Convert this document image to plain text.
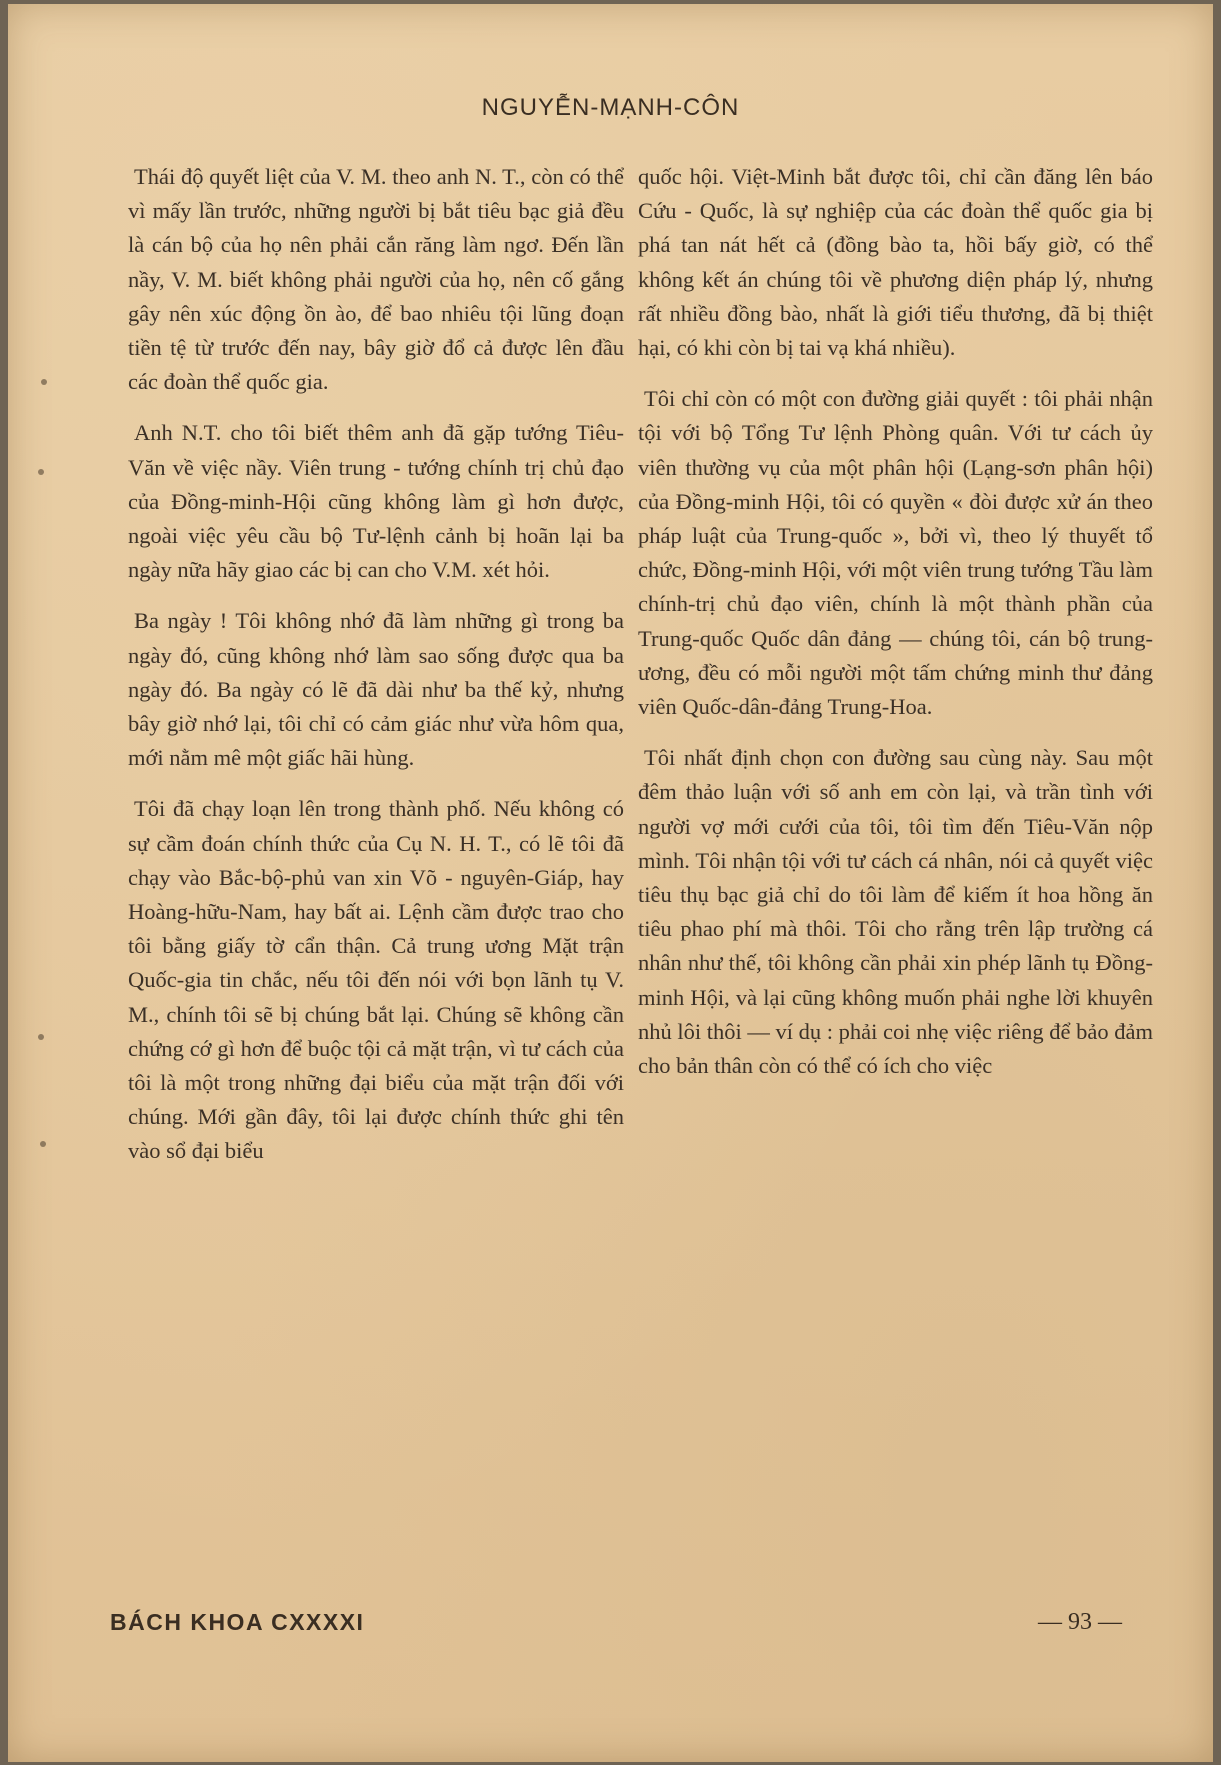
NGUYỄN-MẠNH-CÔN

Thái độ quyết liệt của V. M. theo anh N. T., còn có thể vì mấy lần trước, những người bị bắt tiêu bạc giả đều là cán bộ của họ nên phải cắn răng làm ngơ. Đến lần nầy, V. M. biết không phải người của họ, nên cố gắng gây nên xúc động ồn ào, để bao nhiêu tội lũng đoạn tiền tệ từ trước đến nay, bây giờ đổ cả được lên đầu các đoàn thể quốc gia.

Anh N.T. cho tôi biết thêm anh đã gặp tướng Tiêu-Văn về việc nầy. Viên trung - tướng chính trị chủ đạo của Đồng-minh-Hội cũng không làm gì hơn được, ngoài việc yêu cầu bộ Tư-lệnh cảnh bị hoãn lại ba ngày nữa hãy giao các bị can cho V.M. xét hỏi.

Ba ngày ! Tôi không nhớ đã làm những gì trong ba ngày đó, cũng không nhớ làm sao sống được qua ba ngày đó. Ba ngày có lẽ đã dài như ba thế kỷ, nhưng bây giờ nhớ lại, tôi chỉ có cảm giác như vừa hôm qua, mới nằm mê một giấc hãi hùng.

Tôi đã chạy loạn lên trong thành phố. Nếu không có sự cầm đoán chính thức của Cụ N. H. T., có lẽ tôi đã chạy vào Bắc-bộ-phủ van xin Võ - nguyên-Giáp, hay Hoàng-hữu-Nam, hay bất ai. Lệnh cầm được trao cho tôi bằng giấy tờ cẩn thận. Cả trung ương Mặt trận Quốc-gia tin chắc, nếu tôi đến nói với bọn lãnh tụ V. M., chính tôi sẽ bị chúng bắt lại. Chúng sẽ không cần chứng cớ gì hơn để buộc tội cả mặt trận, vì tư cách của tôi là một trong những đại biểu của mặt trận đối với chúng. Mới gần đây, tôi lại được chính thức ghi tên vào sổ đại biểu

quốc hội. Việt-Minh bắt được tôi, chỉ cần đăng lên báo Cứu - Quốc, là sự nghiệp của các đoàn thể quốc gia bị phá tan nát hết cả (đồng bào ta, hồi bấy giờ, có thể không kết án chúng tôi về phương diện pháp lý, nhưng rất nhiều đồng bào, nhất là giới tiểu thương, đã bị thiệt hại, có khi còn bị tai vạ khá nhiều).

Tôi chỉ còn có một con đường giải quyết : tôi phải nhận tội với bộ Tổng Tư lệnh Phòng quân. Với tư cách ủy viên thường vụ của một phân hội (Lạng-sơn phân hội) của Đồng-minh Hội, tôi có quyền « đòi được xử án theo pháp luật của Trung-quốc », bởi vì, theo lý thuyết tổ chức, Đồng-minh Hội, với một viên trung tướng Tầu làm chính-trị chủ đạo viên, chính là một thành phần của Trung-quốc Quốc dân đảng — chúng tôi, cán bộ trung-ương, đều có mỗi người một tấm chứng minh thư đảng viên Quốc-dân-đảng Trung-Hoa.

Tôi nhất định chọn con đường sau cùng này. Sau một đêm thảo luận với số anh em còn lại, và trần tình với người vợ mới cưới của tôi, tôi tìm đến Tiêu-Văn nộp mình. Tôi nhận tội với tư cách cá nhân, nói cả quyết việc tiêu thụ bạc giả chỉ do tôi làm để kiếm ít hoa hồng ăn tiêu phao phí mà thôi. Tôi cho rằng trên lập trường cá nhân như thế, tôi không cần phải xin phép lãnh tụ Đồng-minh Hội, và lại cũng không muốn phải nghe lời khuyên nhủ lôi thôi — ví dụ : phải coi nhẹ việc riêng để bảo đảm cho bản thân còn có thể có ích cho việc

BÁCH KHOA CXXXXI	— 93 —
